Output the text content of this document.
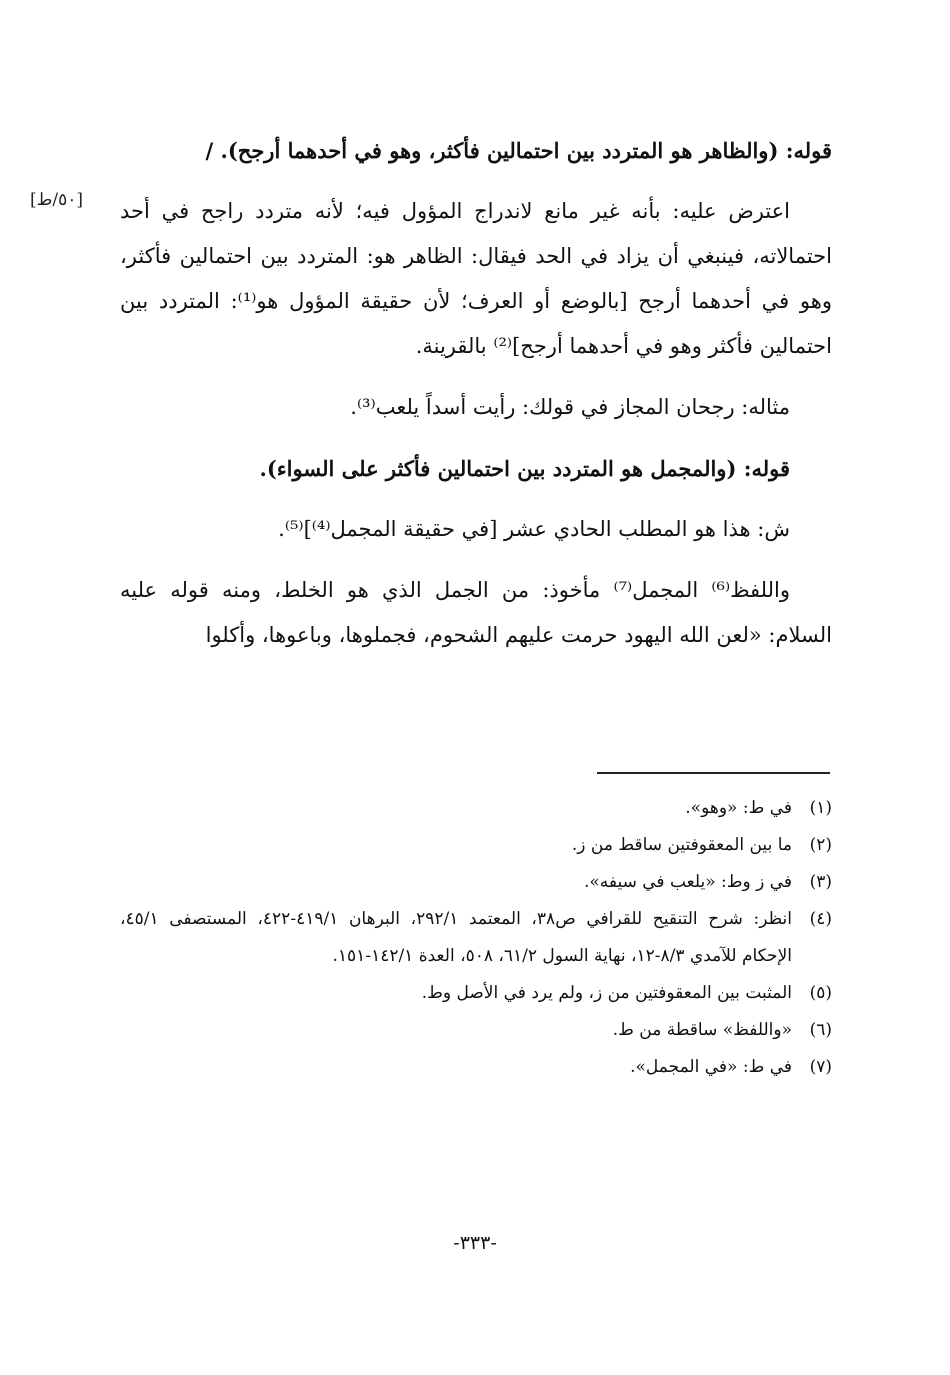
[٥٠/ط]

قوله: (والظاهر هو المتردد بين احتمالين فأكثر، وهو في أحدهما أرجح). /

اعترض عليه: بأنه غير مانع لاندراج المؤول فيه؛ لأنه متردد راجح في أحد احتمالاته، فينبغي أن يزاد في الحد فيقال: الظاهر هو: المتردد بين احتمالين فأكثر، وهو في أحدهما أرجح [بالوضع أو العرف؛ لأن حقيقة المؤول هو⁽¹⁾: المتردد بين احتمالين فأكثر وهو في أحدهما أرجح]⁽²⁾ بالقرينة.

مثاله: رجحان المجاز في قولك: رأيت أسداً يلعب⁽³⁾.

قوله: (والمجمل هو المتردد بين احتمالين فأكثر على السواء).

ش: هذا هو المطلب الحادي عشر [في حقيقة المجمل⁽⁴⁾]⁽⁵⁾.

واللفظ⁽⁶⁾ المجمل⁽⁷⁾ مأخوذ: من الجمل الذي هو الخلط، ومنه قوله عليه السلام: «لعن الله اليهود حرمت عليهم الشحوم، فجملوها، وباعوها، وأكلوا

(١)
في ط: «وهو».
(٢)
ما بين المعقوفتين ساقط من ز.
(٣)
في ز وط: «يلعب في سيفه».
(٤)
انظر: شرح التنقيح للقرافي ص٣٨، المعتمد ٢٩٢/١، البرهان ٤١٩/١-٤٢٢، المستصفى ٤٥/١، الإحكام للآمدي ٨/٣-١٢، نهاية السول ٦١/٢، ٥٠٨، العدة ١٤٢/١-١٥١.
(٥)
المثبت بين المعقوفتين من ز، ولم يرد في الأصل وط.
(٦)
«واللفظ» ساقطة من ط.
(٧)
في ط: «في المجمل».
-٣٣٣-
